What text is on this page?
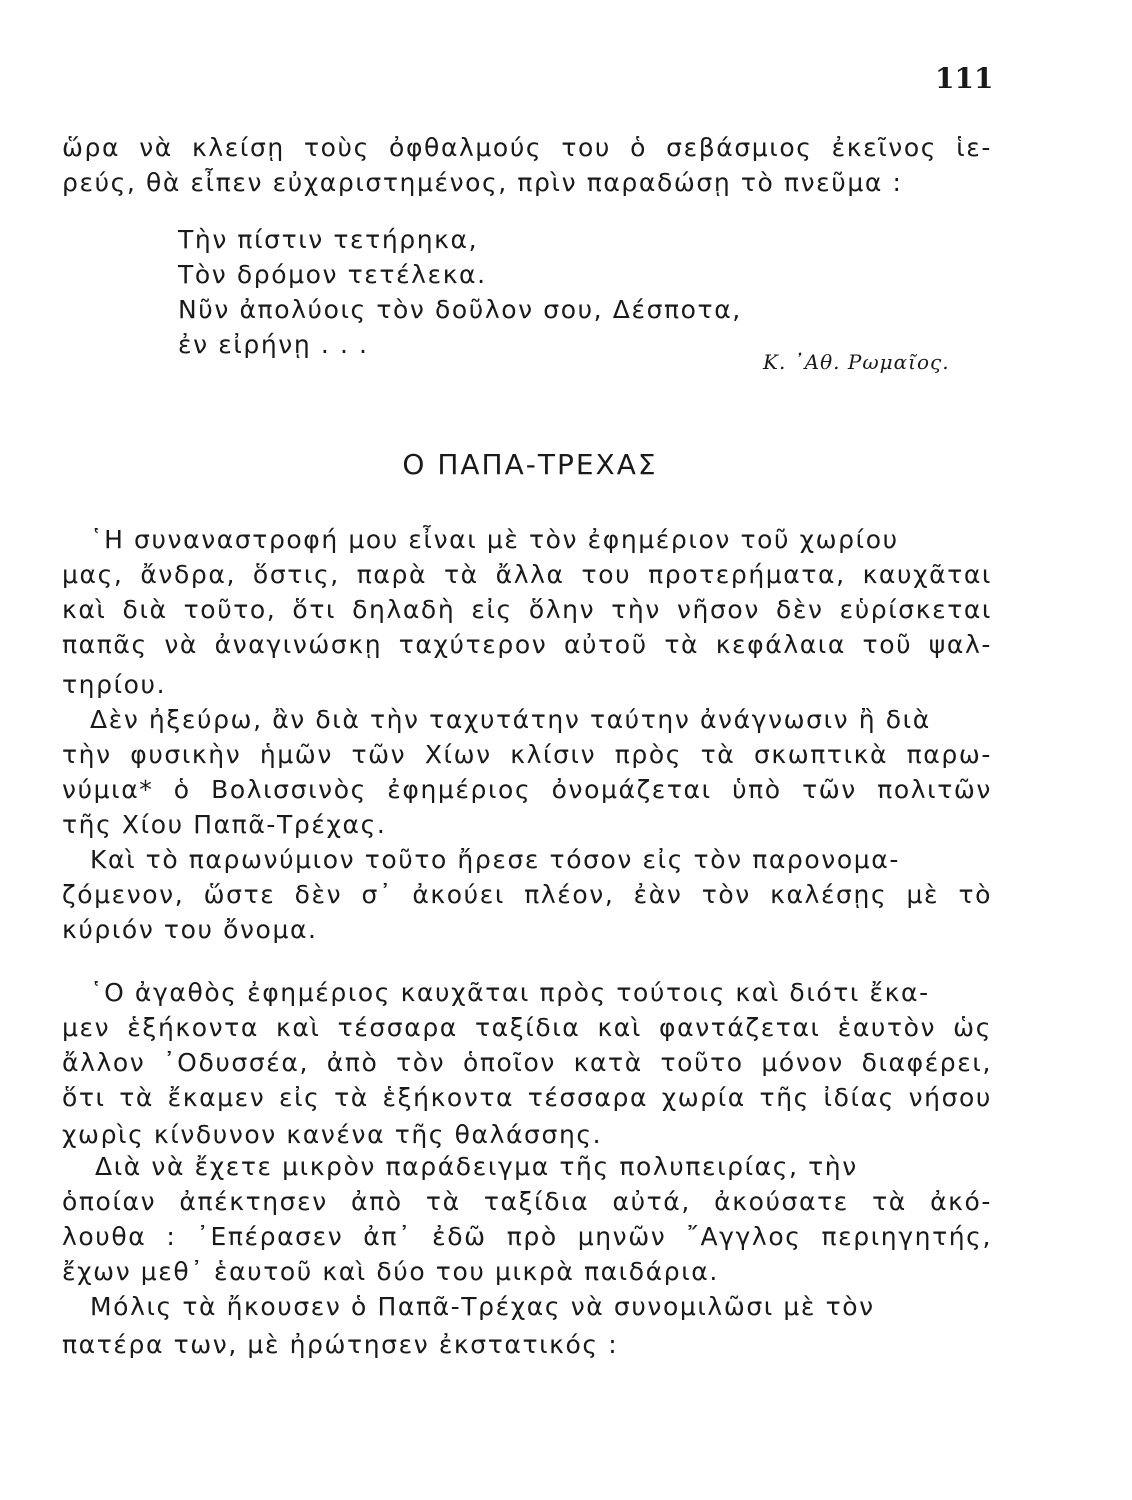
111
ὥρα νὰ κλείσῃ τοὺς ὀφθαλμούς του ὁ σεβάσμιος ἐκεῖνος ἱε-
ρεύς, θὰ εἶπεν εὐχαριστημένος, πρὶν παραδώσῃ τὸ πνεῦμα :
Τὴν πίστιν τετήρηκα,
Τὸν δρόμον τετέλεκα.
Νῦν ἀπολύοις τὸν δοῦλον σου, Δέσποτα,
ἐν εἰρήνῃ . . .
Κ. ᾿Αθ. Ρωμαῖος.
Ο ΠΑΠΑ-ΤΡΕΧΑΣ
῾Η συναναστροφή μου εἶναι μὲ τὸν ἐφημέριον τοῦ χωρίου
μας, ἄνδρα, ὅστις, παρὰ τὰ ἄλλα του προτερήματα, καυχᾶται
καὶ διὰ τοῦτο, ὅτι δηλαδὴ εἰς ὅλην τὴν νῆσον δὲν εὑρίσκεται
παπᾶς νὰ ἀναγινώσκῃ ταχύτερον αὐτοῦ τὰ κεφάλαια τοῦ ψαλ-
τηρίου.
Δὲν ἠξεύρω, ἂν διὰ τὴν ταχυτάτην ταύτην ἀνάγνωσιν ἢ διὰ
τὴν φυσικὴν ἡμῶν τῶν Χίων κλίσιν πρὸς τὰ σκωπτικὰ παρω-
νύμια* ὁ Βολισσινὸς ἐφημέριος ὀνομάζεται ὑπὸ τῶν πολιτῶν
τῆς Χίου Παπᾶ-Τρέχας.
Καὶ τὸ παρωνύμιον τοῦτο ἤρεσε τόσον εἰς τὸν παρονομα-
ζόμενον, ὥστε δὲν σ᾿ ἀκούει πλέον, ἐὰν τὸν καλέσῃς μὲ τὸ
κύριόν του ὄνομα.
῾Ο ἀγαθὸς ἐφημέριος καυχᾶται πρὸς τούτοις καὶ διότι ἔκα-
μεν ἑξήκοντα καὶ τέσσαρα ταξίδια καὶ φαντάζεται ἑαυτὸν ὡς
ἄλλον ᾿Οδυσσέα, ἀπὸ τὸν ὁποῖον κατὰ τοῦτο μόνον διαφέρει,
ὅτι τὰ ἔκαμεν εἰς τὰ ἑξήκοντα τέσσαρα χωρία τῆς ἰδίας νήσου
χωρὶς κίνδυνον κανένα τῆς θαλάσσης.
Διὰ νὰ ἔχετε μικρὸν παράδειγμα τῆς πολυπειρίας, τὴν
ὁποίαν ἀπέκτησεν ἀπὸ τὰ ταξίδια αὐτά, ἀκούσατε τὰ ἀκό-
λουθα : ᾿Επέρασεν ἀπ᾿ ἐδῶ πρὸ μηνῶν ῎Αγγλος περιηγητής,
ἔχων μεθ᾿ ἑαυτοῦ καὶ δύο του μικρὰ παιδάρια.
Μόλις τὰ ἤκουσεν ὁ Παπᾶ-Τρέχας νὰ συνομιλῶσι μὲ τὸν
πατέρα των, μὲ ἠρώτησεν ἐκστατικός :
